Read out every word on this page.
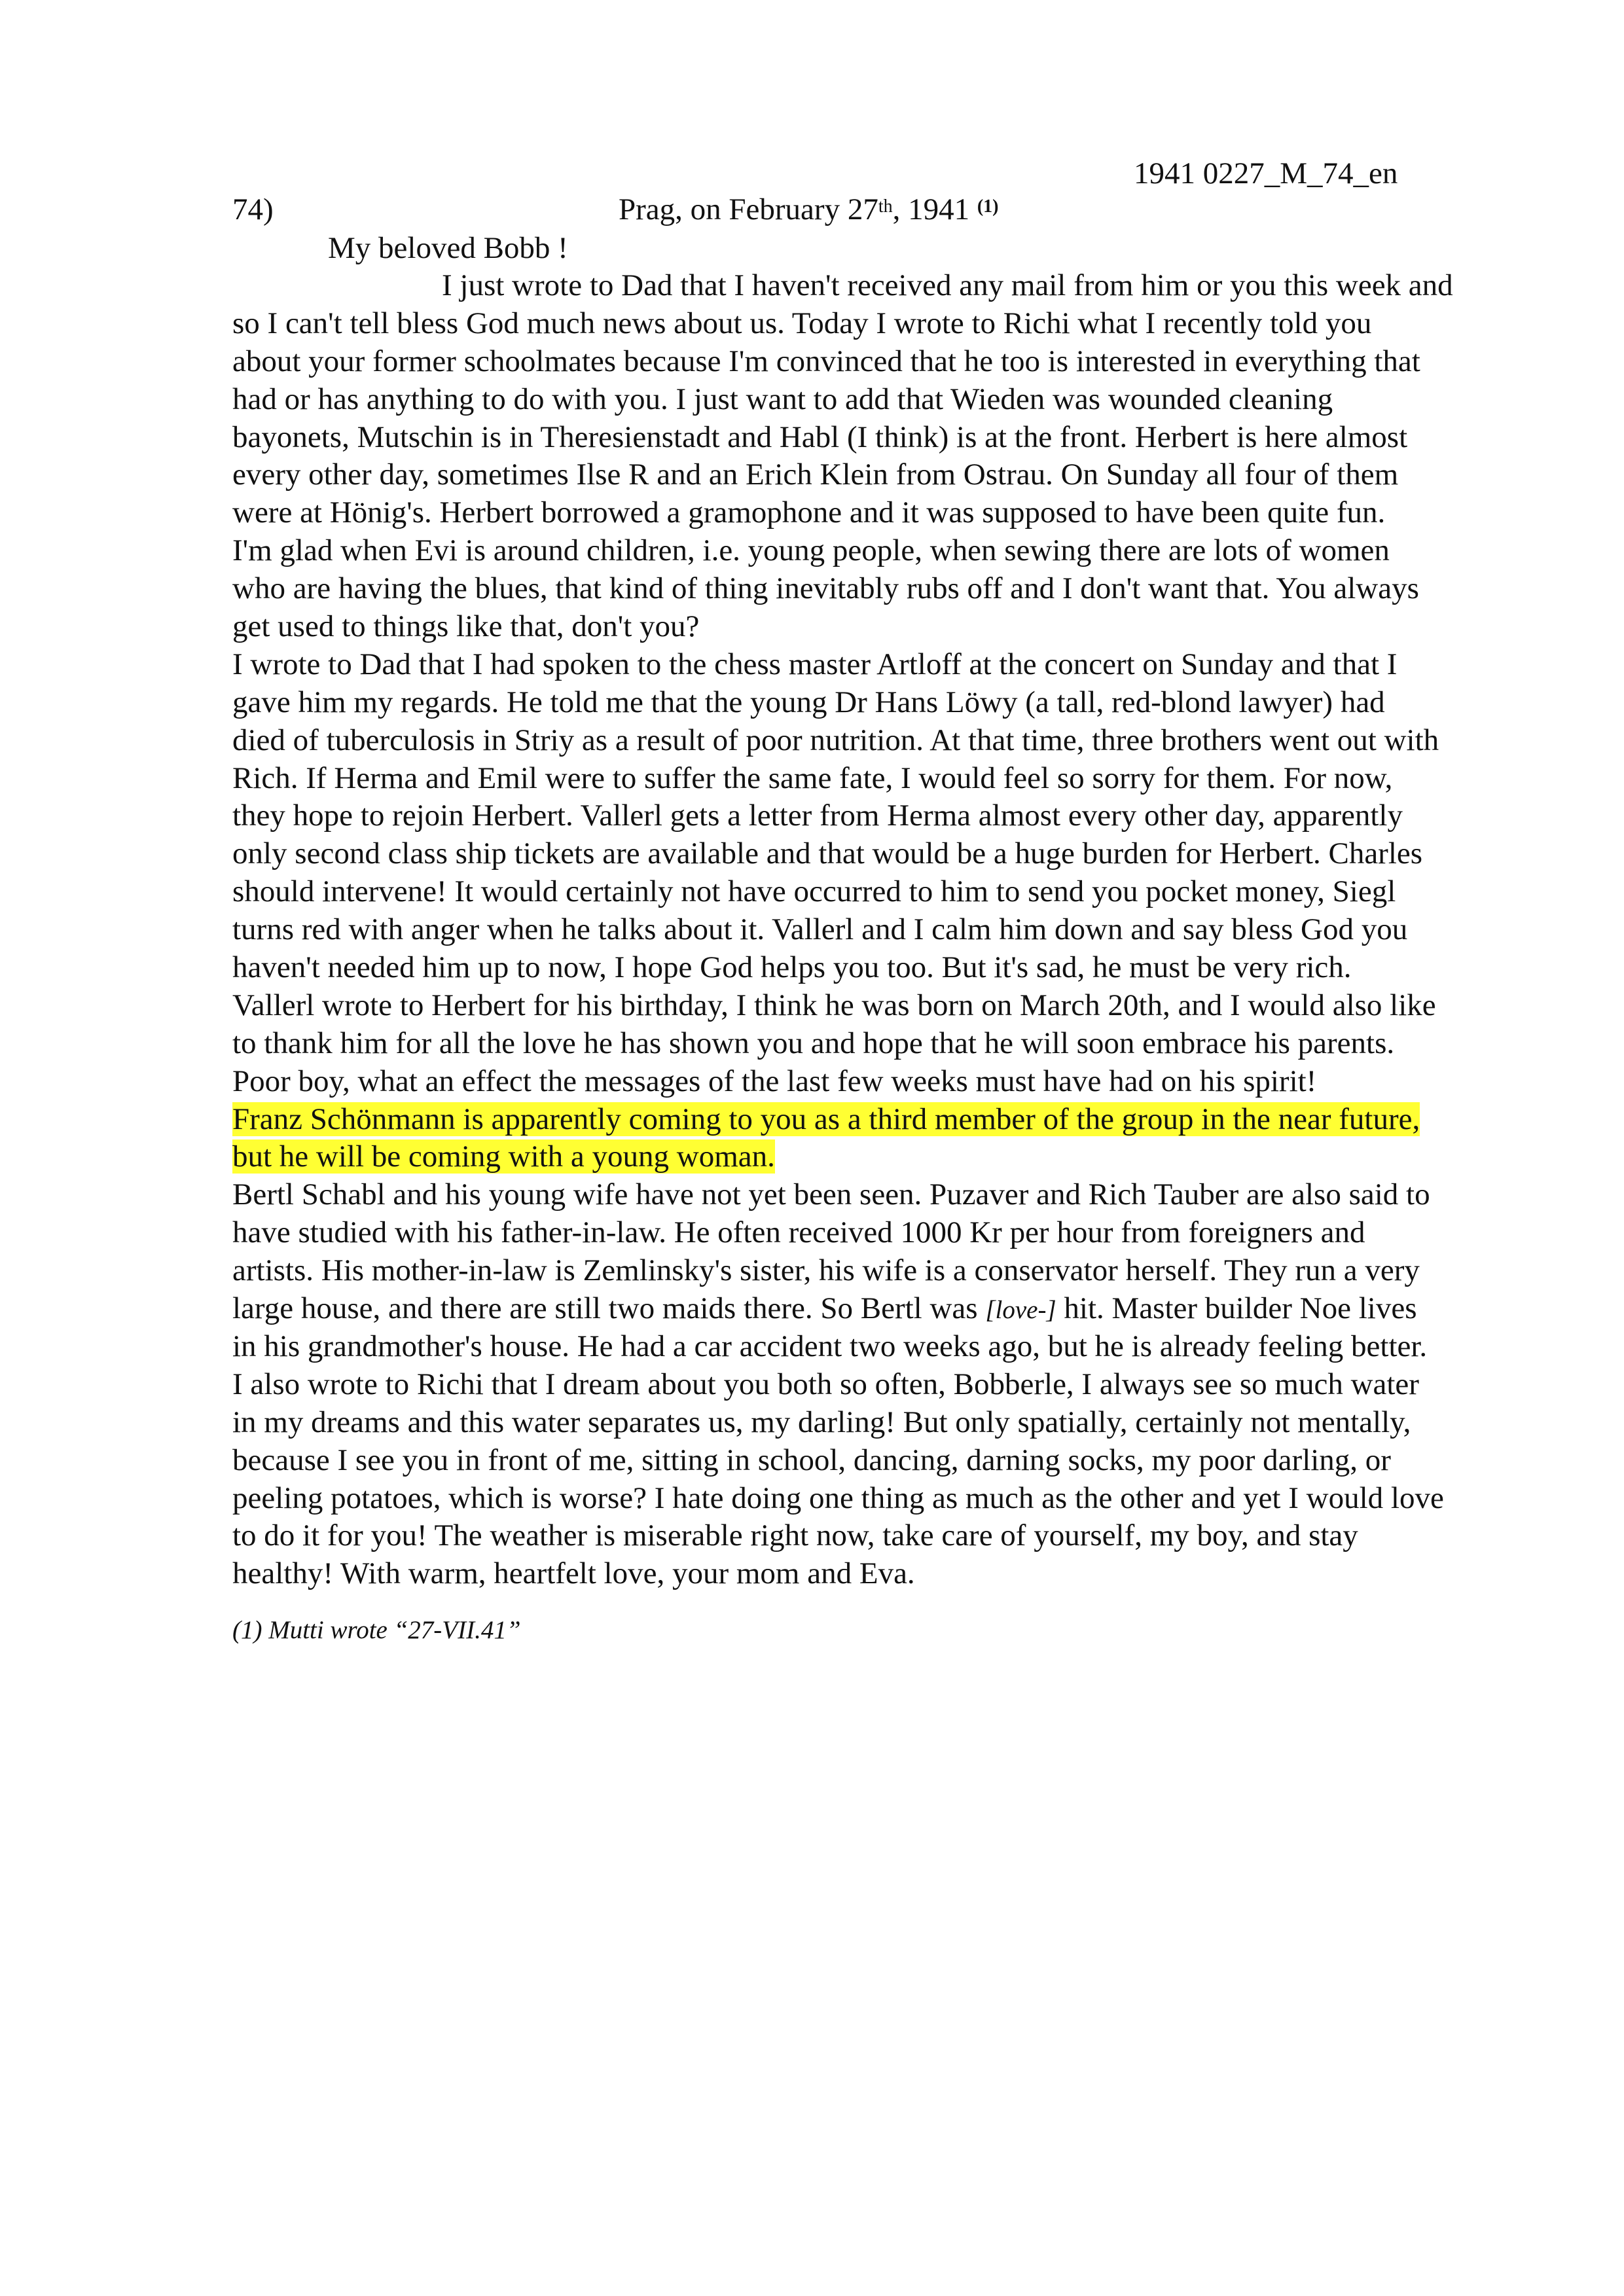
1941 0227_M_74_en
74)	Prag, on February 27th, 1941 $^{(1)}$
My beloved Bobb !
I just wrote to Dad that I haven't received any mail from him or you this week and
so I can't tell bless God much news about us. Today I wrote to Richi what I recently told you
about your former schoolmates because I'm convinced that he too is interested in everything that
had or has anything to do with you. I just want to add that Wieden was wounded cleaning
bayonets, Mutschin is in Theresienstadt and Habl (I think) is at the front. Herbert is here almost
every other day, sometimes Ilse R and an Erich Klein from Ostrau. On Sunday all four of them
were at Hönig's. Herbert borrowed a gramophone and it was supposed to have been quite fun.
I'm glad when Evi is around children, i.e. young people, when sewing there are lots of women
who are having the blues, that kind of thing inevitably rubs off and I don't want that. You always
get used to things like that, don't you?
I wrote to Dad that I had spoken to the chess master Artloff at the concert on Sunday and that I
gave him my regards. He told me that the young Dr Hans Löwy (a tall, red-blond lawyer) had
died of tuberculosis in Striy as a result of poor nutrition. At that time, three brothers went out with
Rich. If Herma and Emil were to suffer the same fate, I would feel so sorry for them. For now,
they hope to rejoin Herbert. Vallerl gets a letter from Herma almost every other day, apparently
only second class ship tickets are available and that would be a huge burden for Herbert. Charles
should intervene! It would certainly not have occurred to him to send you pocket money, Siegl
turns red with anger when he talks about it. Vallerl and I calm him down and say bless God you
haven't needed him up to now, I hope God helps you too. But it's sad, he must be very rich.
Vallerl wrote to Herbert for his birthday, I think he was born on March 20th, and I would also like
to thank him for all the love he has shown you and hope that he will soon embrace his parents.
Poor boy, what an effect the messages of the last few weeks must have had on his spirit!
Franz Schönmann is apparently coming to you as a third member of the group in the near future,
but he will be coming with a young woman.
Bertl Schabl and his young wife have not yet been seen. Puzaver and Rich Tauber are also said to
have studied with his father-in-law. He often received 1000 Kr per hour from foreigners and
artists. His mother-in-law is Zemlinsky's sister, his wife is a conservator herself. They run a very
large house, and there are still two maids there. So Bertl was [love-] hit. Master builder Noe lives
in his grandmother's house. He had a car accident two weeks ago, but he is already feeling better.
I also wrote to Richi that I dream about you both so often, Bobberle, I always see so much water
in my dreams and this water separates us, my darling! But only spatially, certainly not mentally,
because I see you in front of me, sitting in school, dancing, darning socks, my poor darling, or
peeling potatoes, which is worse? I hate doing one thing as much as the other and yet I would love
to do it for you! The weather is miserable right now, take care of yourself, my boy, and stay
healthy! With warm, heartfelt love, your mom and Eva.
(1) Mutti wrote “27-VII.41”
